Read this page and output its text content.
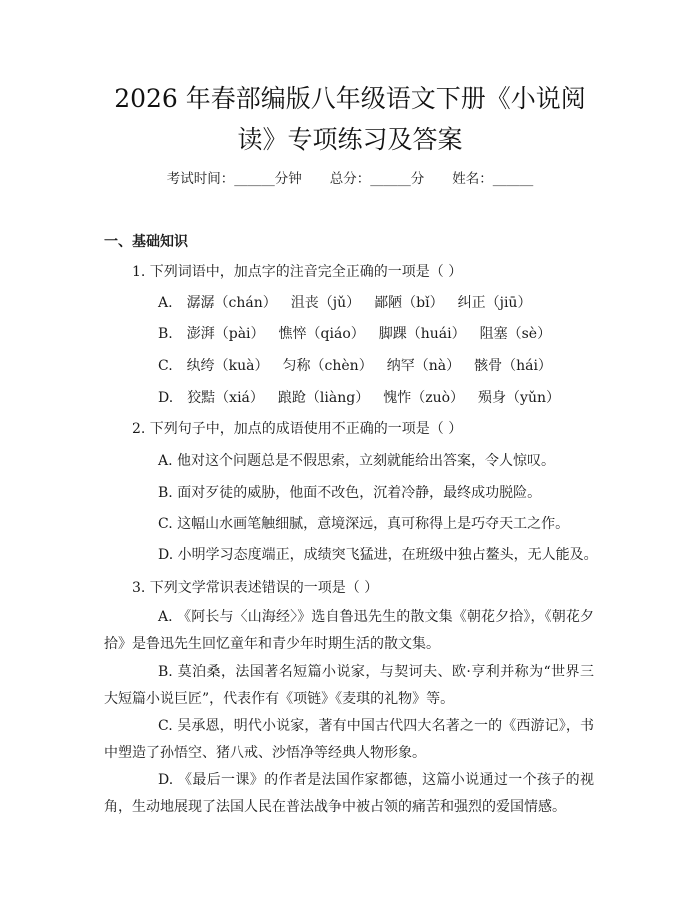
2026 年春部编版八年级语文下册《小说阅
读》专项练习及答案
考试时间：______分钟 总分：______分 姓名：______
一、基础知识
1. 下列词语中，加点字的注音完全正确的一项是（ ）
A. 潺潺（chán） 沮丧（jǔ） 鄙陋（bǐ） 纠正（jiū）
B. 澎湃（pài） 憔悴（qiáo） 脚踝（huái） 阻塞（sè）
C. 纨绔（kuà） 匀称（chèn） 纳罕（nà） 骸骨（hái）
D. 狡黠（xiá） 踉跄（liàng） 愧怍（zuò） 殒身（yǔn）
2. 下列句子中，加点的成语使用不正确的一项是（ ）
A. 他对这个问题总是不假思索，立刻就能给出答案，令人惊叹。
B. 面对歹徒的威胁，他面不改色，沉着冷静，最终成功脱险。
C. 这幅山水画笔触细腻，意境深远，真可称得上是巧夺天工之作。
D. 小明学习态度端正，成绩突飞猛进，在班级中独占鳌头，无人能及。
3. 下列文学常识表述错误的一项是（ ）
A. 《阿长与〈山海经〉》选自鲁迅先生的散文集《朝花夕拾》，《朝花夕拾》是鲁迅先生回忆童年和青少年时期生活的散文集。
B. 莫泊桑，法国著名短篇小说家，与契诃夫、欧·亨利并称为“世界三大短篇小说巨匠”，代表作有《项链》《麦琪的礼物》等。
C. 吴承恩，明代小说家，著有中国古代四大名著之一的《西游记》，书中塑造了孙悟空、猪八戒、沙悟净等经典人物形象。
D. 《最后一课》的作者是法国作家都德，这篇小说通过一个孩子的视角，生动地展现了法国人民在普法战争中被占领的痛苦和强烈的爱国情感。
